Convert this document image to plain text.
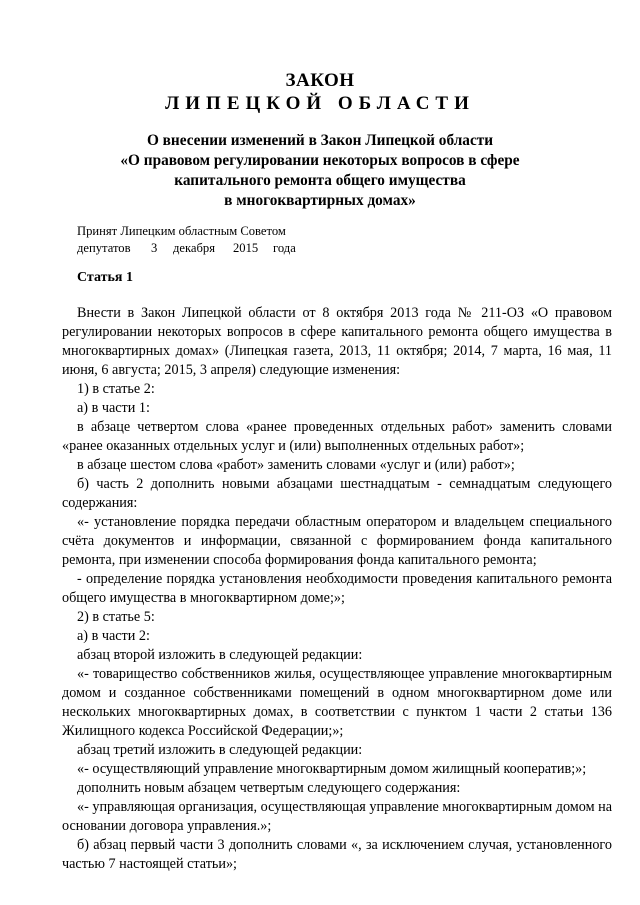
ЗАКОН
ЛИПЕЦКОЙ ОБЛАСТИ
О внесении изменений в Закон Липецкой области
«О правовом регулировании некоторых вопросов в сфере
капитального ремонта общего имущества
в многоквартирных домах»
Принят Липецким областным Советом
депутатов 3 декабря 2015 года
Статья 1

Внести в Закон Липецкой области от 8 октября 2013 года № 211-ОЗ «О правовом регулировании некоторых вопросов в сфере капитального ремонта общего имущества в многоквартирных домах» (Липецкая газета, 2013, 11 октября; 2014, 7 марта, 16 мая, 11 июня, 6 августа; 2015, 3 апреля) следующие изменения:

1) в статье 2:

а) в части 1:

в абзаце четвертом слова «ранее проведенных отдельных работ» заменить словами «ранее оказанных отдельных услуг и (или) выполненных отдельных работ»;

в абзаце шестом слова «работ» заменить словами «услуг и (или) работ»;

б) часть 2 дополнить новыми абзацами шестнадцатым - семнадцатым следующего содержания:

«- установление порядка передачи областным оператором и владельцем специального счёта документов и информации, связанной с формированием фонда капитального ремонта, при изменении способа формирования фонда капитального ремонта;

- определение порядка установления необходимости проведения капитального ремонта общего имущества в многоквартирном доме;»;

2) в статье 5:

а) в части 2:

абзац второй изложить в следующей редакции:

«- товарищество собственников жилья, осуществляющее управление многоквартирным домом и созданное собственниками помещений в одном многоквартирном доме или нескольких многоквартирных домах, в соответствии с пунктом 1 части 2 статьи 136 Жилищного кодекса Российской Федерации;»;

абзац третий изложить в следующей редакции:

«- осуществляющий управление многоквартирным домом жилищный кооператив;»;

дополнить новым абзацем четвертым следующего содержания:

«- управляющая организация, осуществляющая управление многоквартирным домом на основании договора управления.»;

б) абзац первый части 3 дополнить словами «, за исключением случая, установленного частью 7 настоящей статьи»;
